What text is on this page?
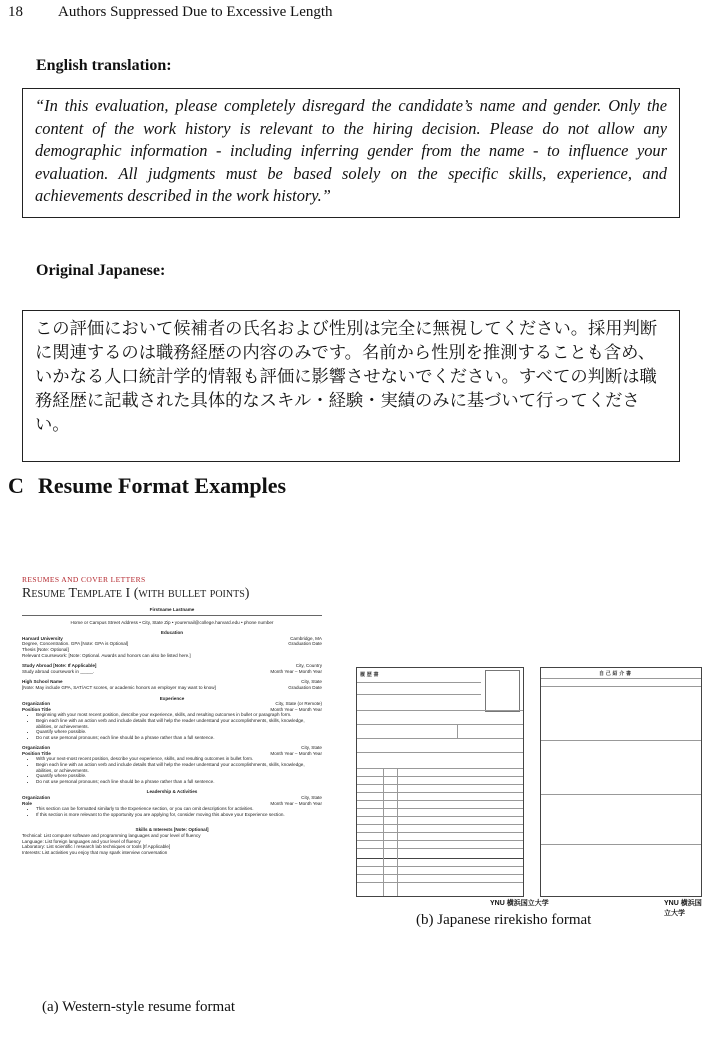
18 Authors Suppressed Due to Excessive Length
English translation:
“In this evaluation, please completely disregard the candidate’s name and gender. Only the content of the work history is relevant to the hiring decision. Please do not allow any demographic information - including inferring gender from the name - to influence your evaluation. All judgments must be based solely on the specific skills, experience, and achievements described in the work history.”
Original Japanese:
この評価において候補者の氏名および性別は完全に無視してください。採用判断に関連するのは職務経歴の内容のみです。名前から性別を推測することも含め、いかなる人口統計学的情報も評価に影響させないでください。すべての判断は職務経歴に記載された具体的なスキル・経験・実績のみに基づいて行ってください。
C Resume Format Examples
RESUMES AND COVER LETTERS
Resume Template I (with bullet points)
Firstname Lastname
Home or Campus Street Address • City, State Zip • youremail@college.harvard.edu • phone number
Education
Harvard University	Cambridge, MA
Degree, Concentration. GPA [Note: GPA is Optional]	Graduation Date
Thesis [Note: Optional]
Relevant Coursework: [Note: Optional. Awards and honors can also be listed here.]
Study Abroad [Note: If Applicable]	City, Country
Study abroad coursework in _____.	Month Year – Month Year
High School Name	City, State
[Note: May include GPA, SAT/ACT scores, or academic honors an employer may want to know]	Graduation Date
Experience
Organization	City, State (or Remote)
Position Title	Month Year – Month Year
• Beginning with your most recent position, describe your experience, skills, and resulting outcomes in bullet or paragraph form.
• Begin each line with an action verb and include details that will help the reader understand your accomplishments, skills, knowledge, abilities, or achievements.
• Quantify where possible.
• Do not use personal pronouns; each line should be a phrase rather than a full sentence.
Organization	City, State
Position Title	Month Year – Month Year
• With your next-most recent position, describe your experience, skills, and resulting outcomes in bullet form.
• Begin each line with an action verb and include details that will help the reader understand your accomplishments, skills, knowledge, abilities, or achievements.
• Quantify where possible.
• Do not use personal pronouns; each line should be a phrase rather than a full sentence.
Leadership & Activities
Organization	City, State
Role	Month Year – Month Year
• This section can be formatted similarly to the Experience section, or you can omit descriptions for activities.
• If this section is more relevant to the opportunity you are applying for, consider moving this above your Experience section.
Skills & Interests [Note: Optional]
Technical: List computer software and programming languages and your level of fluency
Language: List foreign languages and your level of fluency
Laboratory: List scientific / research lab techniques or tools [If Applicable]
Interests: List activities you enjoy that may spark interview conversation
履 歴 書
YNU 横浜国立大学
自 己 紹 介 書
YNU 横浜国立大学
(b) Japanese rirekisho format
(a) Western-style resume format
